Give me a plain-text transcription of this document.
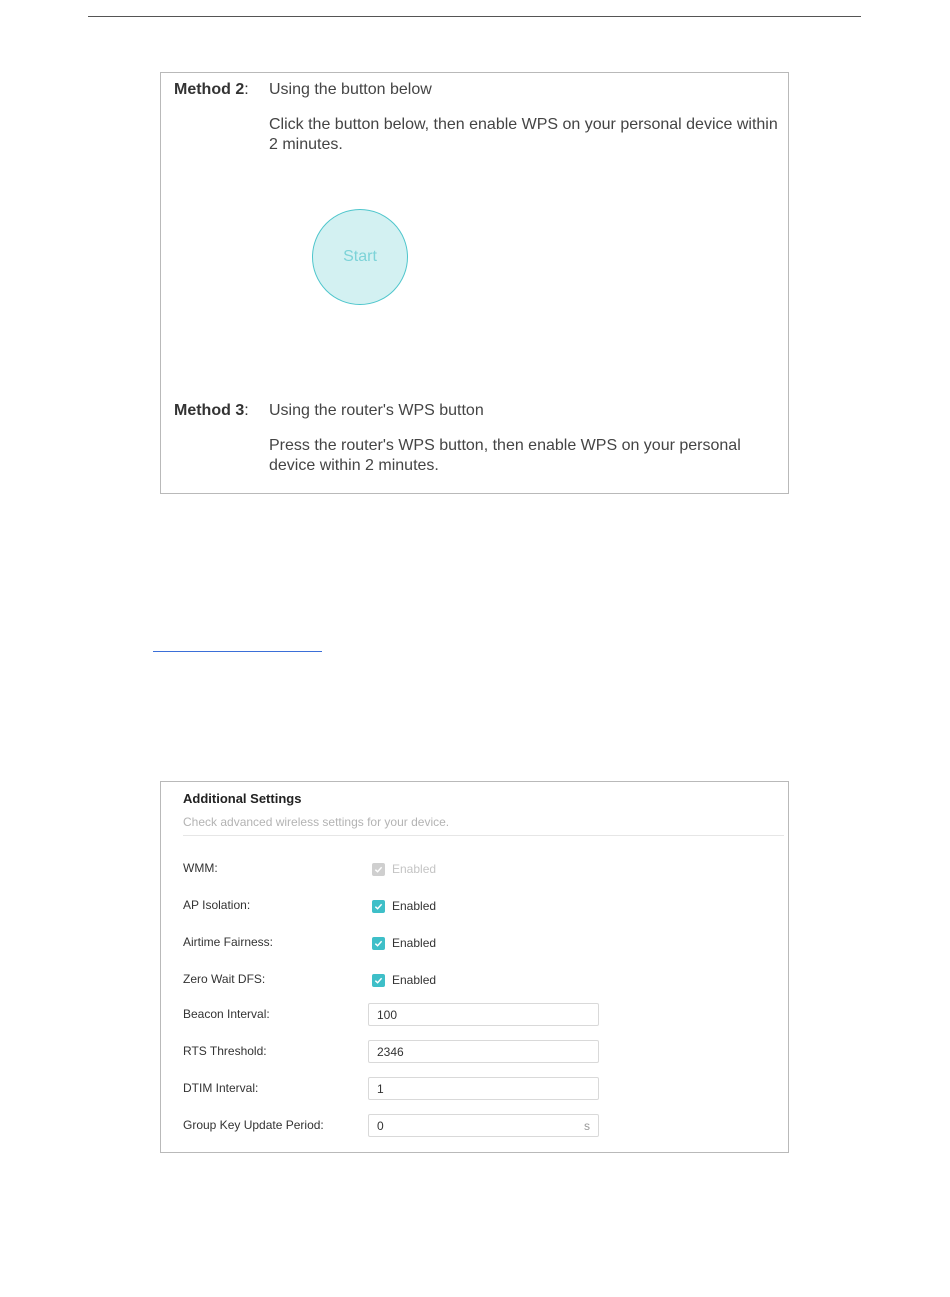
Method 2: Using the button below
Click the button below, then enable WPS on your personal device within 2 minutes.
Start
Method 3: Using the router's WPS button
Press the router's WPS button, then enable WPS on your personal device within 2 minutes.
Additional Settings
Check advanced wireless settings for your device.
WMM:	Enabled
AP Isolation:	Enabled
Airtime Fairness:	Enabled
Zero Wait DFS:	Enabled
Beacon Interval:	100
RTS Threshold:	2346
DTIM Interval:	1
Group Key Update Period:	0	s
